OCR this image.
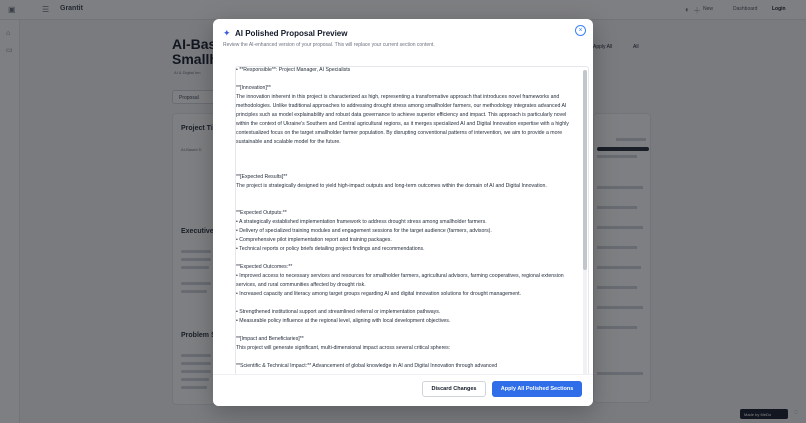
✦ AI Polished Proposal Preview
Review the AI-enhanced version of your proposal. This will replace your current section content.
×
• **Responsible**: Project Manager, AI Specialists
**[Innovation]**
The innovation inherent in this project is characterized as high, representing a transformative approach that introduces novel frameworks and methodologies. Unlike traditional approaches to addressing drought stress among smallholder farmers, our methodology integrates advanced AI principles such as model explainability and robust data governance to achieve superior efficiency and impact. This approach is particularly novel within the context of Ukraine's Southern and Central agricultural regions, as it merges specialized AI and Digital Innovation expertise with a highly contextualized focus on the target smallholder farmer population. By disrupting conventional patterns of intervention, we aim to provide a more sustainable and scalable model for the future.
**[Expected Results]**
The project is strategically designed to yield high-impact outputs and long-term outcomes within the domain of AI and Digital Innovation.
**Expected Outputs:**
• A strategically established implementation framework to address drought stress among smallholder farmers.
• Delivery of specialized training modules and engagement sessions for the target audience (farmers, advisors).
• Comprehensive pilot implementation report and training packages.
• Technical reports or policy briefs detailing project findings and recommendations.
**Expected Outcomes:**
• Improved access to necessary services and resources for smallholder farmers, agricultural advisors, farming cooperatives, regional extension services, and rural communities affected by drought risk.
• Increased capacity and literacy among target groups regarding AI and digital innovation solutions for drought management.
• Strengthened institutional support and streamlined referral or implementation pathways.
• Measurable policy influence at the regional level, aligning with local development objectives.
**[Impact and Beneficiaries]**
This project will generate significant, multi-dimensional impact across several critical spheres:
**Scientific & Technical Impact:** Advancement of global knowledge in AI and Digital Innovation through advanced
Discard Changes	Apply All Polished Sections
